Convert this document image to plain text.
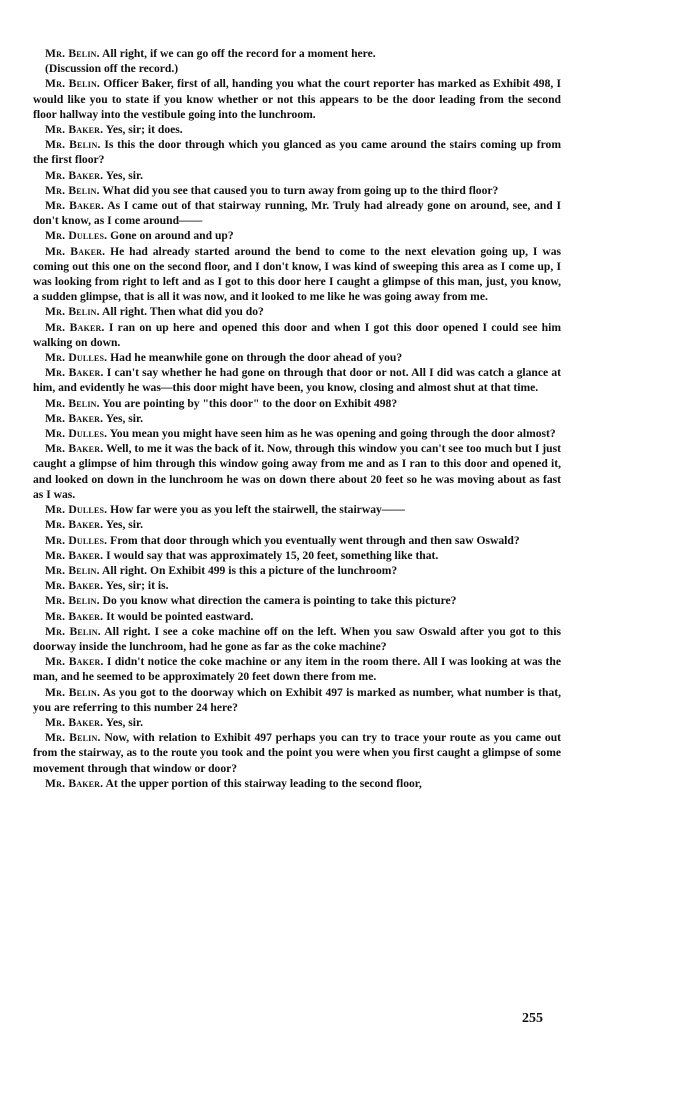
Mr. Belin. All right, if we can go off the record for a moment here.

(Discussion off the record.)

Mr. Belin. Officer Baker, first of all, handing you what the court reporter has marked as Exhibit 498, I would like you to state if you know whether or not this appears to be the door leading from the second floor hallway into the vestibule going into the lunchroom.

Mr. Baker. Yes, sir; it does.

Mr. Belin. Is this the door through which you glanced as you came around the stairs coming up from the first floor?

Mr. Baker. Yes, sir.

Mr. Belin. What did you see that caused you to turn away from going up to the third floor?

Mr. Baker. As I came out of that stairway running, Mr. Truly had already gone on around, see, and I don't know, as I come around——

Mr. Dulles. Gone on around and up?

Mr. Baker. He had already started around the bend to come to the next elevation going up, I was coming out this one on the second floor, and I don't know, I was kind of sweeping this area as I come up, I was looking from right to left and as I got to this door here I caught a glimpse of this man, just, you know, a sudden glimpse, that is all it was now, and it looked to me like he was going away from me.

Mr. Belin. All right. Then what did you do?

Mr. Baker. I ran on up here and opened this door and when I got this door opened I could see him walking on down.

Mr. Dulles. Had he meanwhile gone on through the door ahead of you?

Mr. Baker. I can't say whether he had gone on through that door or not. All I did was catch a glance at him, and evidently he was—this door might have been, you know, closing and almost shut at that time.

Mr. Belin. You are pointing by "this door" to the door on Exhibit 498?

Mr. Baker. Yes, sir.

Mr. Dulles. You mean you might have seen him as he was opening and going through the door almost?

Mr. Baker. Well, to me it was the back of it. Now, through this window you can't see too much but I just caught a glimpse of him through this window going away from me and as I ran to this door and opened it, and looked on down in the lunchroom he was on down there about 20 feet so he was moving about as fast as I was.

Mr. Dulles. How far were you as you left the stairwell, the stairway——

Mr. Baker. Yes, sir.

Mr. Dulles. From that door through which you eventually went through and then saw Oswald?

Mr. Baker. I would say that was approximately 15, 20 feet, something like that.

Mr. Belin. All right. On Exhibit 499 is this a picture of the lunchroom?

Mr. Baker. Yes, sir; it is.

Mr. Belin. Do you know what direction the camera is pointing to take this picture?

Mr. Baker. It would be pointed eastward.

Mr. Belin. All right. I see a coke machine off on the left. When you saw Oswald after you got to this doorway inside the lunchroom, had he gone as far as the coke machine?

Mr. Baker. I didn't notice the coke machine or any item in the room there. All I was looking at was the man, and he seemed to be approximately 20 feet down there from me.

Mr. Belin. As you got to the doorway which on Exhibit 497 is marked as number, what number is that, you are referring to this number 24 here?

Mr. Baker. Yes, sir.

Mr. Belin. Now, with relation to Exhibit 497 perhaps you can try to trace your route as you came out from the stairway, as to the route you took and the point you were when you first caught a glimpse of some movement through that window or door?

Mr. Baker. At the upper portion of this stairway leading to the second floor,

255
